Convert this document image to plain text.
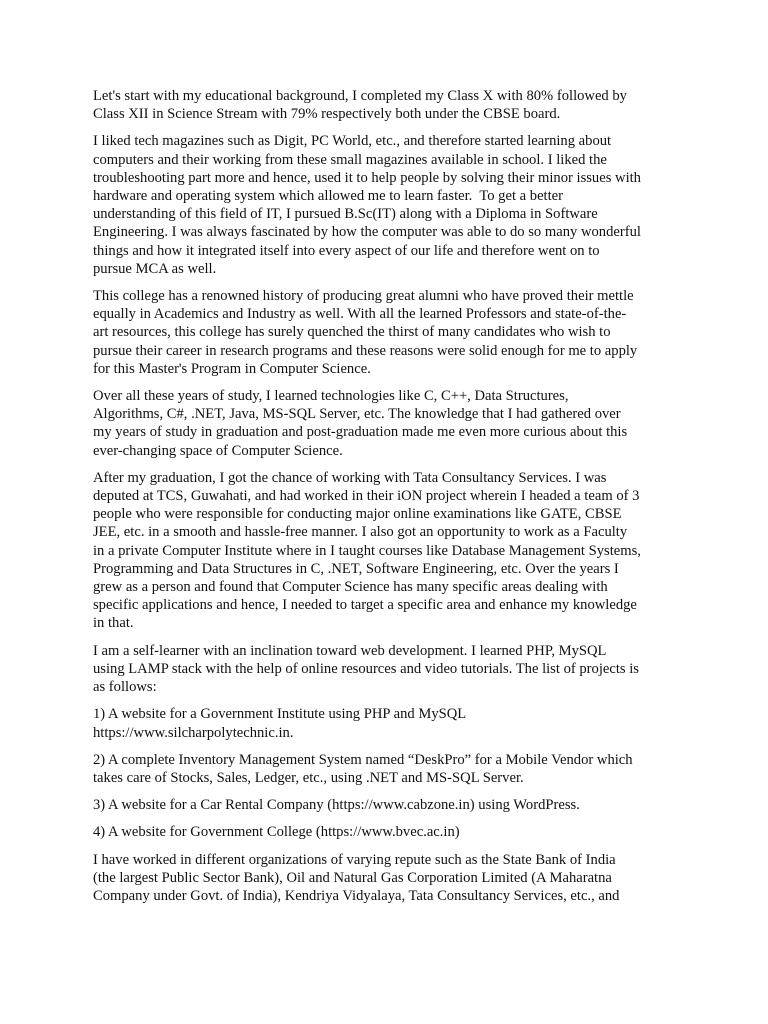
Let's start with my educational background, I completed my Class X with 80% followed by
Class XII in Science Stream with 79% respectively both under the CBSE board.

I liked tech magazines such as Digit, PC World, etc., and therefore started learning about
computers and their working from these small magazines available in school. I liked the
troubleshooting part more and hence, used it to help people by solving their minor issues with
hardware and operating system which allowed me to learn faster.  To get a better
understanding of this field of IT, I pursued B.Sc(IT) along with a Diploma in Software
Engineering. I was always fascinated by how the computer was able to do so many wonderful
things and how it integrated itself into every aspect of our life and therefore went on to
pursue MCA as well.

This college has a renowned history of producing great alumni who have proved their mettle
equally in Academics and Industry as well. With all the learned Professors and state-of-the-
art resources, this college has surely quenched the thirst of many candidates who wish to
pursue their career in research programs and these reasons were solid enough for me to apply
for this Master's Program in Computer Science.

Over all these years of study, I learned technologies like C, C++, Data Structures,
Algorithms, C#, .NET, Java, MS-SQL Server, etc. The knowledge that I had gathered over
my years of study in graduation and post-graduation made me even more curious about this
ever-changing space of Computer Science.

After my graduation, I got the chance of working with Tata Consultancy Services. I was
deputed at TCS, Guwahati, and had worked in their iON project wherein I headed a team of 3
people who were responsible for conducting major online examinations like GATE, CBSE
JEE, etc. in a smooth and hassle-free manner. I also got an opportunity to work as a Faculty
in a private Computer Institute where in I taught courses like Database Management Systems,
Programming and Data Structures in C, .NET, Software Engineering, etc. Over the years I
grew as a person and found that Computer Science has many specific areas dealing with
specific applications and hence, I needed to target a specific area and enhance my knowledge
in that.

I am a self-learner with an inclination toward web development. I learned PHP, MySQL
using LAMP stack with the help of online resources and video tutorials. The list of projects is
as follows:

1) A website for a Government Institute using PHP and MySQL
https://www.silcharpolytechnic.in.

2) A complete Inventory Management System named “DeskPro” for a Mobile Vendor which
takes care of Stocks, Sales, Ledger, etc., using .NET and MS-SQL Server.

3) A website for a Car Rental Company (https://www.cabzone.in) using WordPress.

4) A website for Government College (https://www.bvec.ac.in)

I have worked in different organizations of varying repute such as the State Bank of India
(the largest Public Sector Bank), Oil and Natural Gas Corporation Limited (A Maharatna
Company under Govt. of India), Kendriya Vidyalaya, Tata Consultancy Services, etc., and
